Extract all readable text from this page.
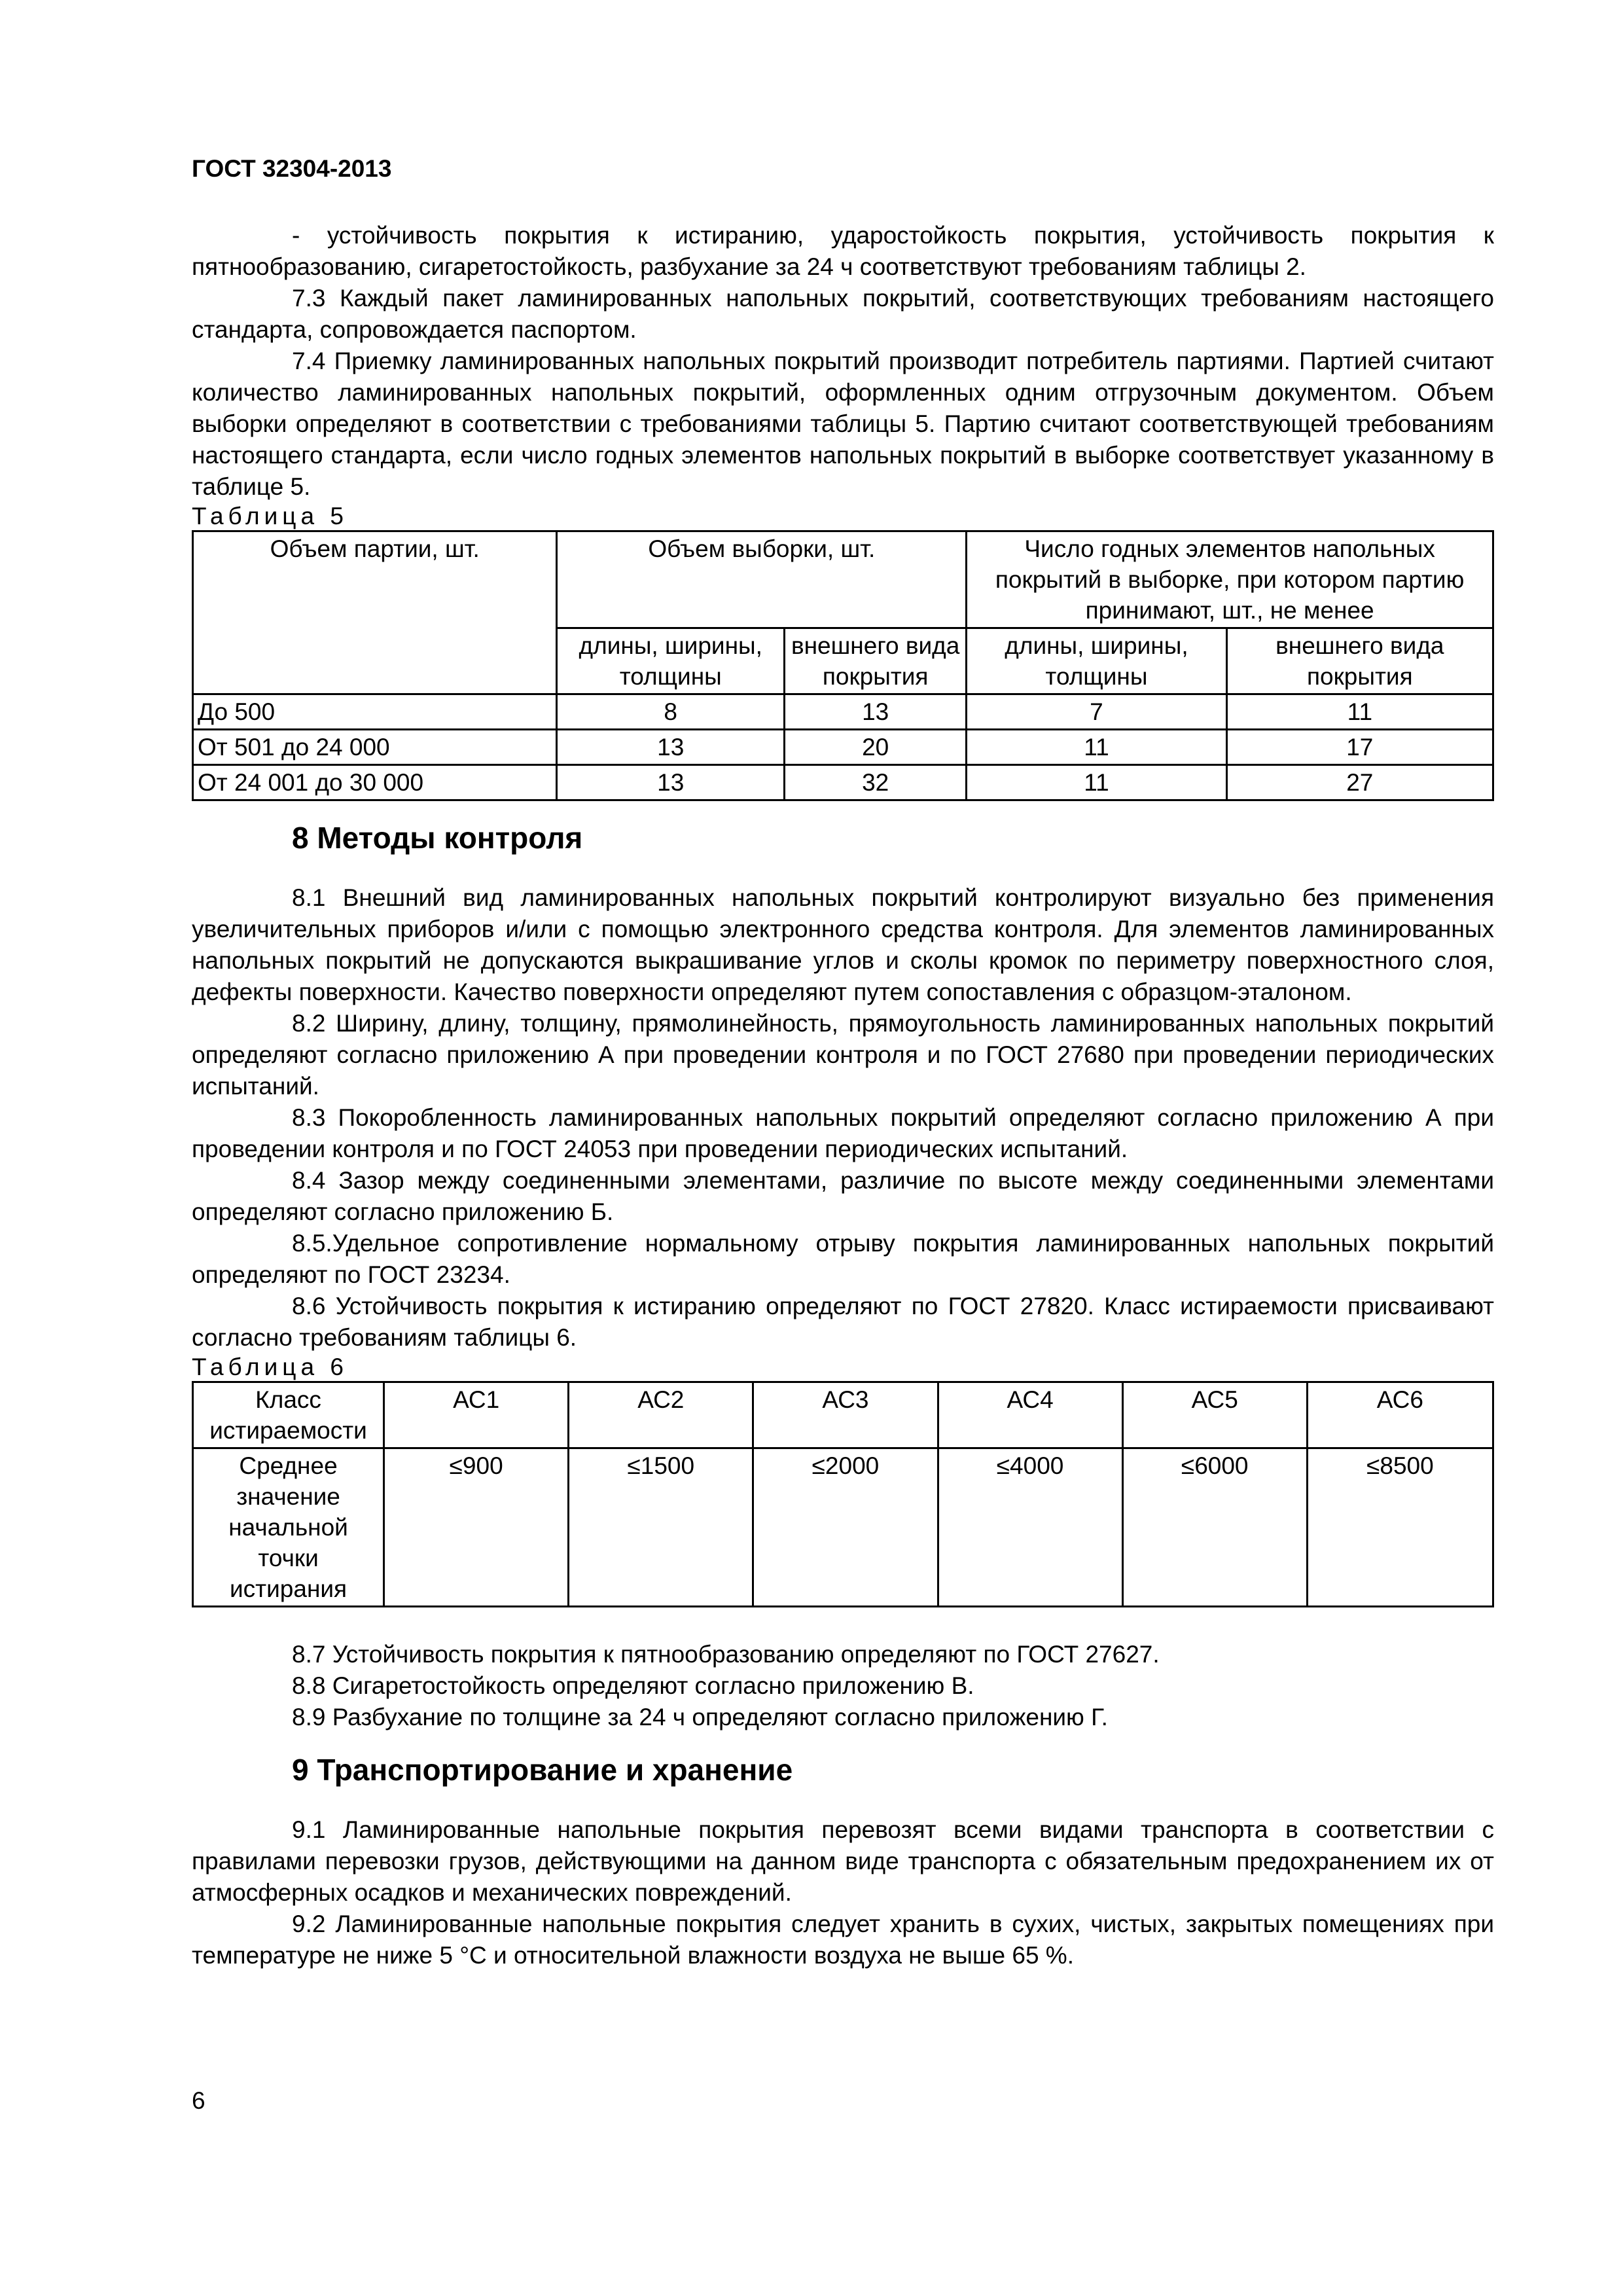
ГОСТ 32304-2013

- устойчивость покрытия к истиранию, ударостойкость покрытия, устойчивость покрытия к пятнообразованию, сигаретостойкость, разбухание за 24 ч соответствуют требованиям таблицы 2.

7.3 Каждый пакет ламинированных напольных покрытий, соответствующих требованиям настоящего стандарта, сопровождается паспортом.

7.4 Приемку ламинированных напольных покрытий производит потребитель партиями. Партией считают количество ламинированных напольных покрытий, оформленных одним отгрузочным документом. Объем выборки определяют в соответствии с требованиями таблицы 5. Партию считают соответствующей требованиям настоящего стандарта, если число годных элементов напольных покрытий в выборке соответствует указанному в таблице 5.

Таблица 5
Объем партии, шт.	Объем выборки, шт.		Число годных элементов напольных покрытий в выборке, при котором партию принимают, шт., не менее	
	длины, ширины, толщины	внешнего вида покрытия	длины, ширины, толщины	внешнего вида покрытия
До 500	8	13	7	11
От 501 до 24 000	13	20	11	17
От 24 001 до 30 000	13	32	11	27
8 Методы контроля

8.1 Внешний вид ламинированных напольных покрытий контролируют визуально без применения увеличительных приборов и/или с помощью электронного средства контроля. Для элементов ламинированных напольных покрытий не допускаются выкрашивание углов и сколы кромок по периметру поверхностного слоя, дефекты поверхности. Качество поверхности определяют путем сопоставления с образцом-эталоном.

8.2 Ширину, длину, толщину, прямолинейность, прямоугольность ламинированных напольных покрытий определяют согласно приложению А при проведении контроля и по ГОСТ 27680 при проведении периодических испытаний.

8.3 Покоробленность ламинированных напольных покрытий определяют согласно приложению А при проведении контроля и по ГОСТ 24053 при проведении периодических испытаний.

8.4 Зазор между соединенными элементами, различие по высоте между соединенными элементами определяют согласно приложению Б.

8.5.Удельное сопротивление нормальному отрыву покрытия ламинированных напольных покрытий определяют по ГОСТ 23234.

8.6 Устойчивость покрытия к истиранию определяют по ГОСТ 27820. Класс истираемости присваивают согласно требованиям таблицы 6.

Таблица 6
Класс истираемости	АС1	АС2	АС3	АС4	АС5	АС6
Среднее значение начальной точки истирания	≤900	≤1500	≤2000	≤4000	≤6000	≤8500

8.7 Устойчивость покрытия к пятнообразованию определяют по ГОСТ 27627.

8.8 Сигаретостойкость определяют согласно приложению В.

8.9 Разбухание по толщине за 24 ч определяют согласно приложению Г.

9 Транспортирование и хранение

9.1 Ламинированные напольные покрытия перевозят всеми видами транспорта в соответствии с правилами перевозки грузов, действующими на данном виде транспорта с обязательным предохранением их от атмосферных осадков и механических повреждений.

9.2 Ламинированные напольные покрытия следует хранить в сухих, чистых, закрытых помещениях при температуре не ниже 5 °С и относительной влажности воздуха не выше 65 %.

6
